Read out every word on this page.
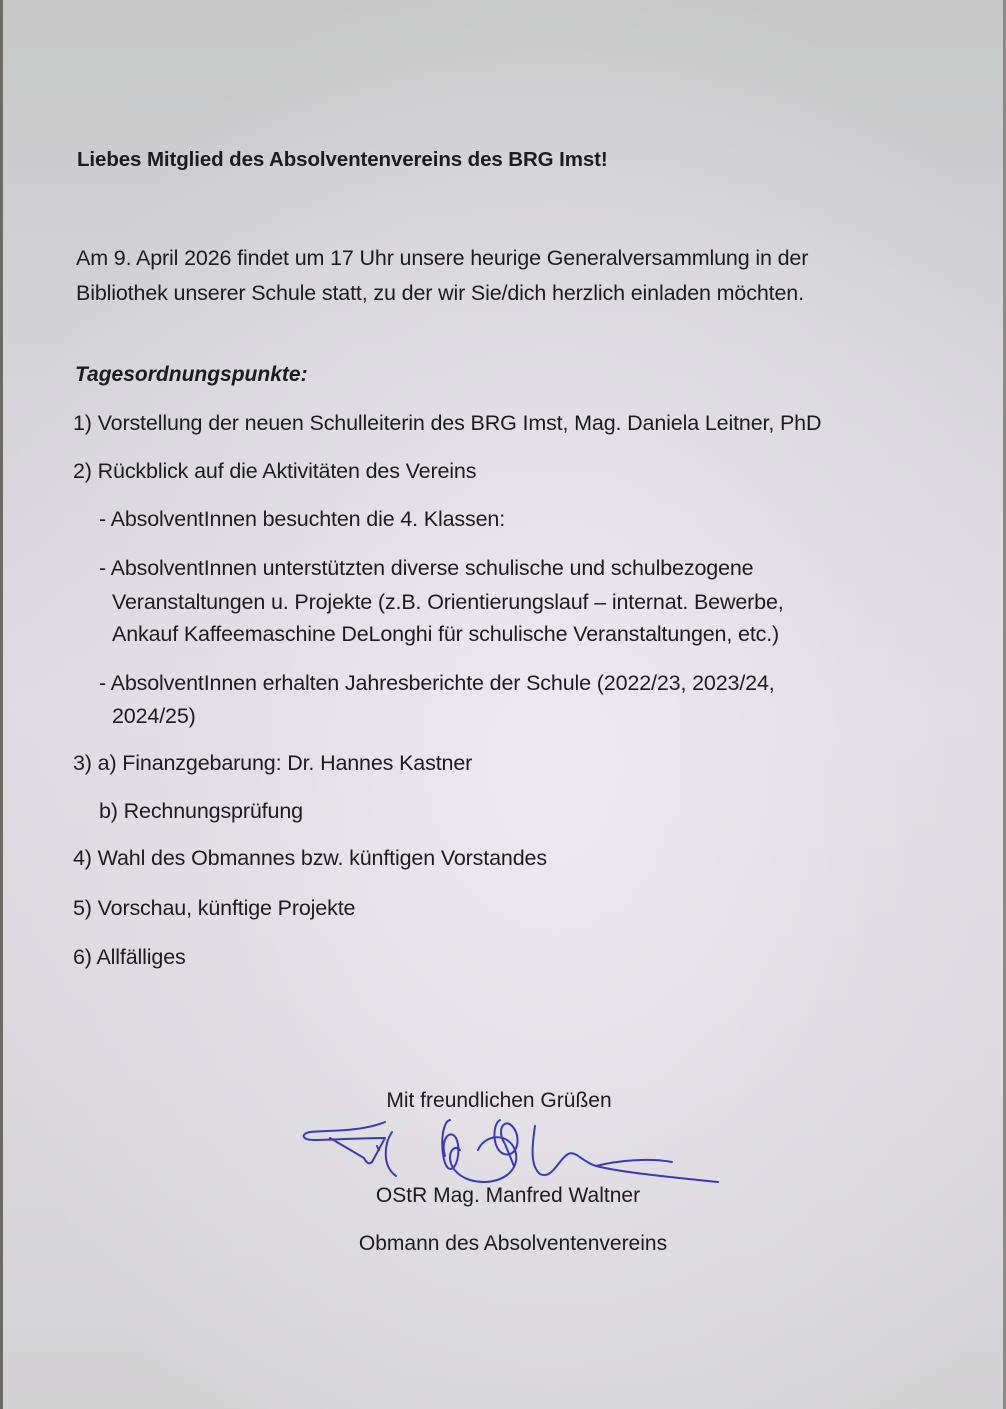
Liebes Mitglied des Absolventenvereins des BRG Imst!
Am 9. April 2026 findet um 17 Uhr unsere heurige Generalversammlung in der
Bibliothek unserer Schule statt, zu der wir Sie/dich herzlich einladen möchten.
Tagesordnungspunkte:
1) Vorstellung der neuen Schulleiterin des BRG Imst, Mag. Daniela Leitner, PhD
2) Rückblick auf die Aktivitäten des Vereins
- AbsolventInnen besuchten die 4. Klassen:
- AbsolventInnen unterstützten diverse schulische und schulbezogene
Veranstaltungen u. Projekte (z.B. Orientierungslauf – internat. Bewerbe,
Ankauf Kaffeemaschine DeLonghi für schulische Veranstaltungen, etc.)
- AbsolventInnen erhalten Jahresberichte der Schule (2022/23, 2023/24,
2024/25)
3) a) Finanzgebarung: Dr. Hannes Kastner
b) Rechnungsprüfung
4) Wahl des Obmannes bzw. künftigen Vorstandes
5) Vorschau, künftige Projekte
6) Allfälliges
Mit freundlichen Grüßen
OStR Mag. Manfred Waltner
Obmann des Absolventenvereins
